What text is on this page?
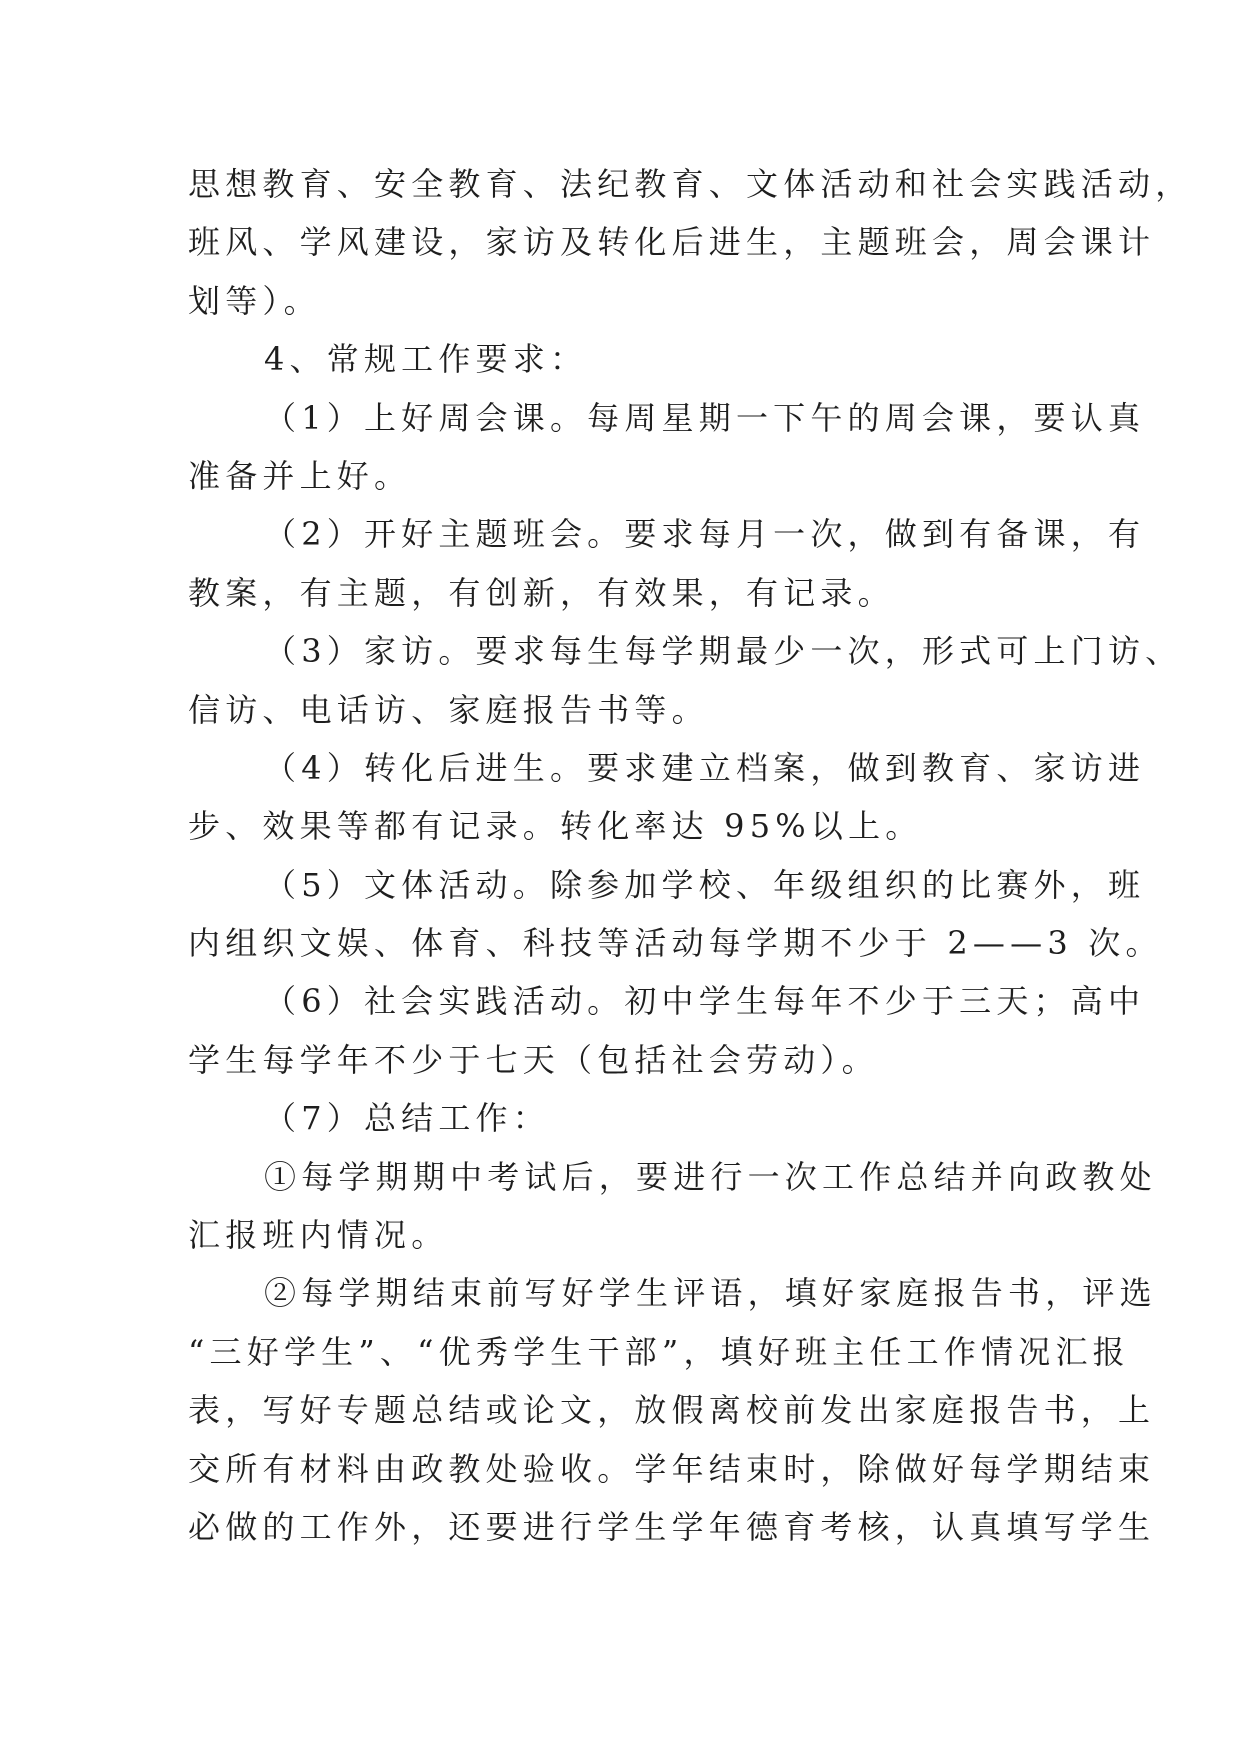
思想教育、安全教育、法纪教育、文体活动和社会实践活动，
班风、学风建设，家访及转化后进生，主题班会，周会课计
划等）。
4、常规工作要求：
（1）上好周会课。每周星期一下午的周会课，要认真
准备并上好。
（2）开好主题班会。要求每月一次，做到有备课，有
教案，有主题，有创新，有效果，有记录。
（3）家访。要求每生每学期最少一次，形式可上门访、
信访、电话访、家庭报告书等。
（4）转化后进生。要求建立档案，做到教育、家访进
步、效果等都有记录。转化率达 95%以上。
（5）文体活动。除参加学校、年级组织的比赛外，班
内组织文娱、体育、科技等活动每学期不少于 2——3 次。
（6）社会实践活动。初中学生每年不少于三天；高中
学生每学年不少于七天（包括社会劳动）。
（7）总结工作：
①每学期期中考试后，要进行一次工作总结并向政教处
汇报班内情况。
②每学期结束前写好学生评语，填好家庭报告书，评选
“三好学生”、“优秀学生干部”，填好班主任工作情况汇报
表，写好专题总结或论文，放假离校前发出家庭报告书，上
交所有材料由政教处验收。学年结束时，除做好每学期结束
必做的工作外，还要进行学生学年德育考核，认真填写学生
